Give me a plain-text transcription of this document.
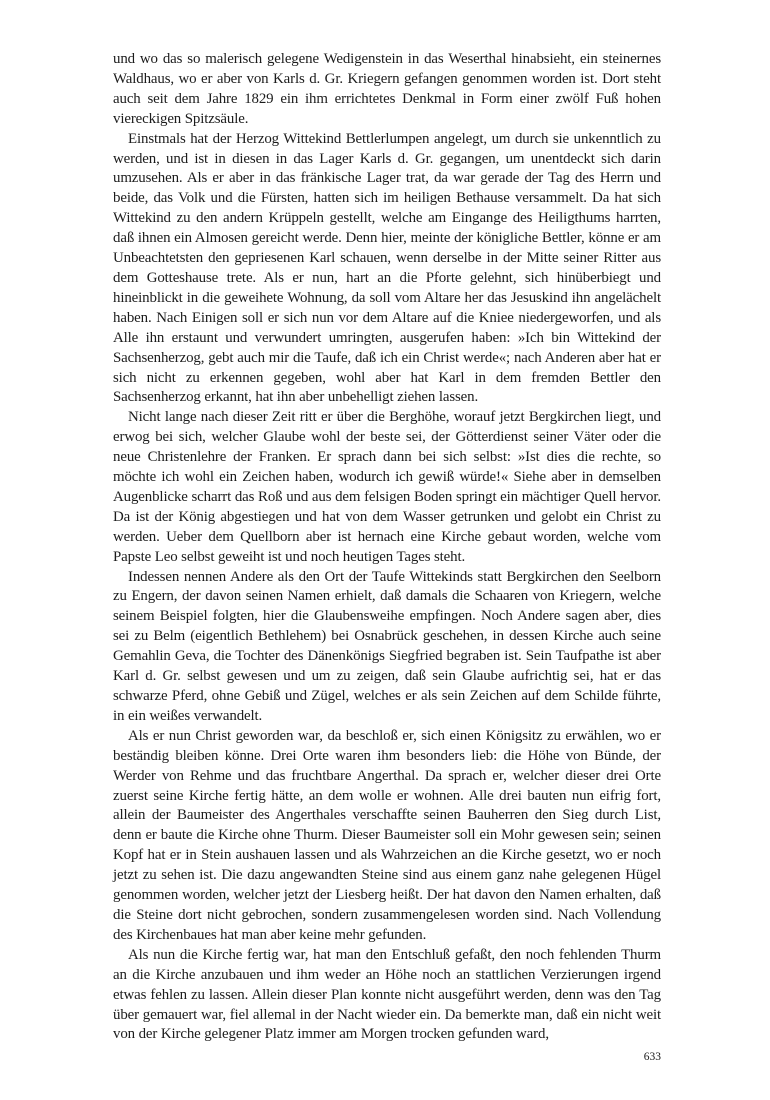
und wo das so malerisch gelegene Wedigenstein in das Weserthal hinabsieht, ein steinernes Waldhaus, wo er aber von Karls d. Gr. Kriegern gefangen genommen worden ist. Dort steht auch seit dem Jahre 1829 ein ihm errichtetes Denkmal in Form einer zwölf Fuß hohen viereckigen Spitzsäule.

Einstmals hat der Herzog Wittekind Bettlerlumpen angelegt, um durch sie unkenntlich zu werden, und ist in diesen in das Lager Karls d. Gr. gegangen, um unentdeckt sich darin umzusehen. Als er aber in das fränkische Lager trat, da war gerade der Tag des Herrn und beide, das Volk und die Fürsten, hatten sich im heiligen Bethause versammelt. Da hat sich Wittekind zu den andern Krüppeln gestellt, welche am Eingange des Heiligthums harrten, daß ihnen ein Almosen gereicht werde. Denn hier, meinte der königliche Bettler, könne er am Unbeachtetsten den gepriesenen Karl schauen, wenn derselbe in der Mitte seiner Ritter aus dem Gotteshause trete. Als er nun, hart an die Pforte gelehnt, sich hinüberbiegt und hineinblickt in die geweihete Wohnung, da soll vom Altare her das Jesuskind ihn angelächelt haben. Nach Einigen soll er sich nun vor dem Altare auf die Kniee niedergeworfen, und als Alle ihn erstaunt und verwundert umringten, ausgerufen haben: »Ich bin Wittekind der Sachsenherzog, gebt auch mir die Taufe, daß ich ein Christ werde«; nach Anderen aber hat er sich nicht zu erkennen gegeben, wohl aber hat Karl in dem fremden Bettler den Sachsenherzog erkannt, hat ihn aber unbehelligt ziehen lassen.

Nicht lange nach dieser Zeit ritt er über die Berghöhe, worauf jetzt Bergkirchen liegt, und erwog bei sich, welcher Glaube wohl der beste sei, der Götterdienst seiner Väter oder die neue Christenlehre der Franken. Er sprach dann bei sich selbst: »Ist dies die rechte, so möchte ich wohl ein Zeichen haben, wodurch ich gewiß würde!« Siehe aber in demselben Augenblicke scharrt das Roß und aus dem felsigen Boden springt ein mächtiger Quell hervor. Da ist der König abgestiegen und hat von dem Wasser getrunken und gelobt ein Christ zu werden. Ueber dem Quellborn aber ist hernach eine Kirche gebaut worden, welche vom Papste Leo selbst geweiht ist und noch heutigen Tages steht.

Indessen nennen Andere als den Ort der Taufe Wittekinds statt Bergkirchen den Seelborn zu Engern, der davon seinen Namen erhielt, daß damals die Schaaren von Kriegern, welche seinem Beispiel folgten, hier die Glaubensweihe empfingen. Noch Andere sagen aber, dies sei zu Belm (eigentlich Bethlehem) bei Osnabrück geschehen, in dessen Kirche auch seine Gemahlin Geva, die Tochter des Dänenkönigs Siegfried begraben ist. Sein Taufpathe ist aber Karl d. Gr. selbst gewesen und um zu zeigen, daß sein Glaube aufrichtig sei, hat er das schwarze Pferd, ohne Gebiß und Zügel, welches er als sein Zeichen auf dem Schilde führte, in ein weißes verwandelt.

Als er nun Christ geworden war, da beschloß er, sich einen Königsitz zu erwählen, wo er beständig bleiben könne. Drei Orte waren ihm besonders lieb: die Höhe von Bünde, der Werder von Rehme und das fruchtbare Angerthal. Da sprach er, welcher dieser drei Orte zuerst seine Kirche fertig hätte, an dem wolle er wohnen. Alle drei bauten nun eifrig fort, allein der Baumeister des Angerthales verschaffte seinen Bauherren den Sieg durch List, denn er baute die Kirche ohne Thurm. Dieser Baumeister soll ein Mohr gewesen sein; seinen Kopf hat er in Stein aushauen lassen und als Wahrzeichen an die Kirche gesetzt, wo er noch jetzt zu sehen ist. Die dazu angewandten Steine sind aus einem ganz nahe gelegenen Hügel genommen worden, welcher jetzt der Liesberg heißt. Der hat davon den Namen erhalten, daß die Steine dort nicht gebrochen, sondern zusammengelesen worden sind. Nach Vollendung des Kirchenbaues hat man aber keine mehr gefunden.

Als nun die Kirche fertig war, hat man den Entschluß gefaßt, den noch fehlenden Thurm an die Kirche anzubauen und ihm weder an Höhe noch an stattlichen Verzierungen irgend etwas fehlen zu lassen. Allein dieser Plan konnte nicht ausgeführt werden, denn was den Tag über gemauert war, fiel allemal in der Nacht wieder ein. Da bemerkte man, daß ein nicht weit von der Kirche gelegener Platz immer am Morgen trocken gefunden ward,

633
